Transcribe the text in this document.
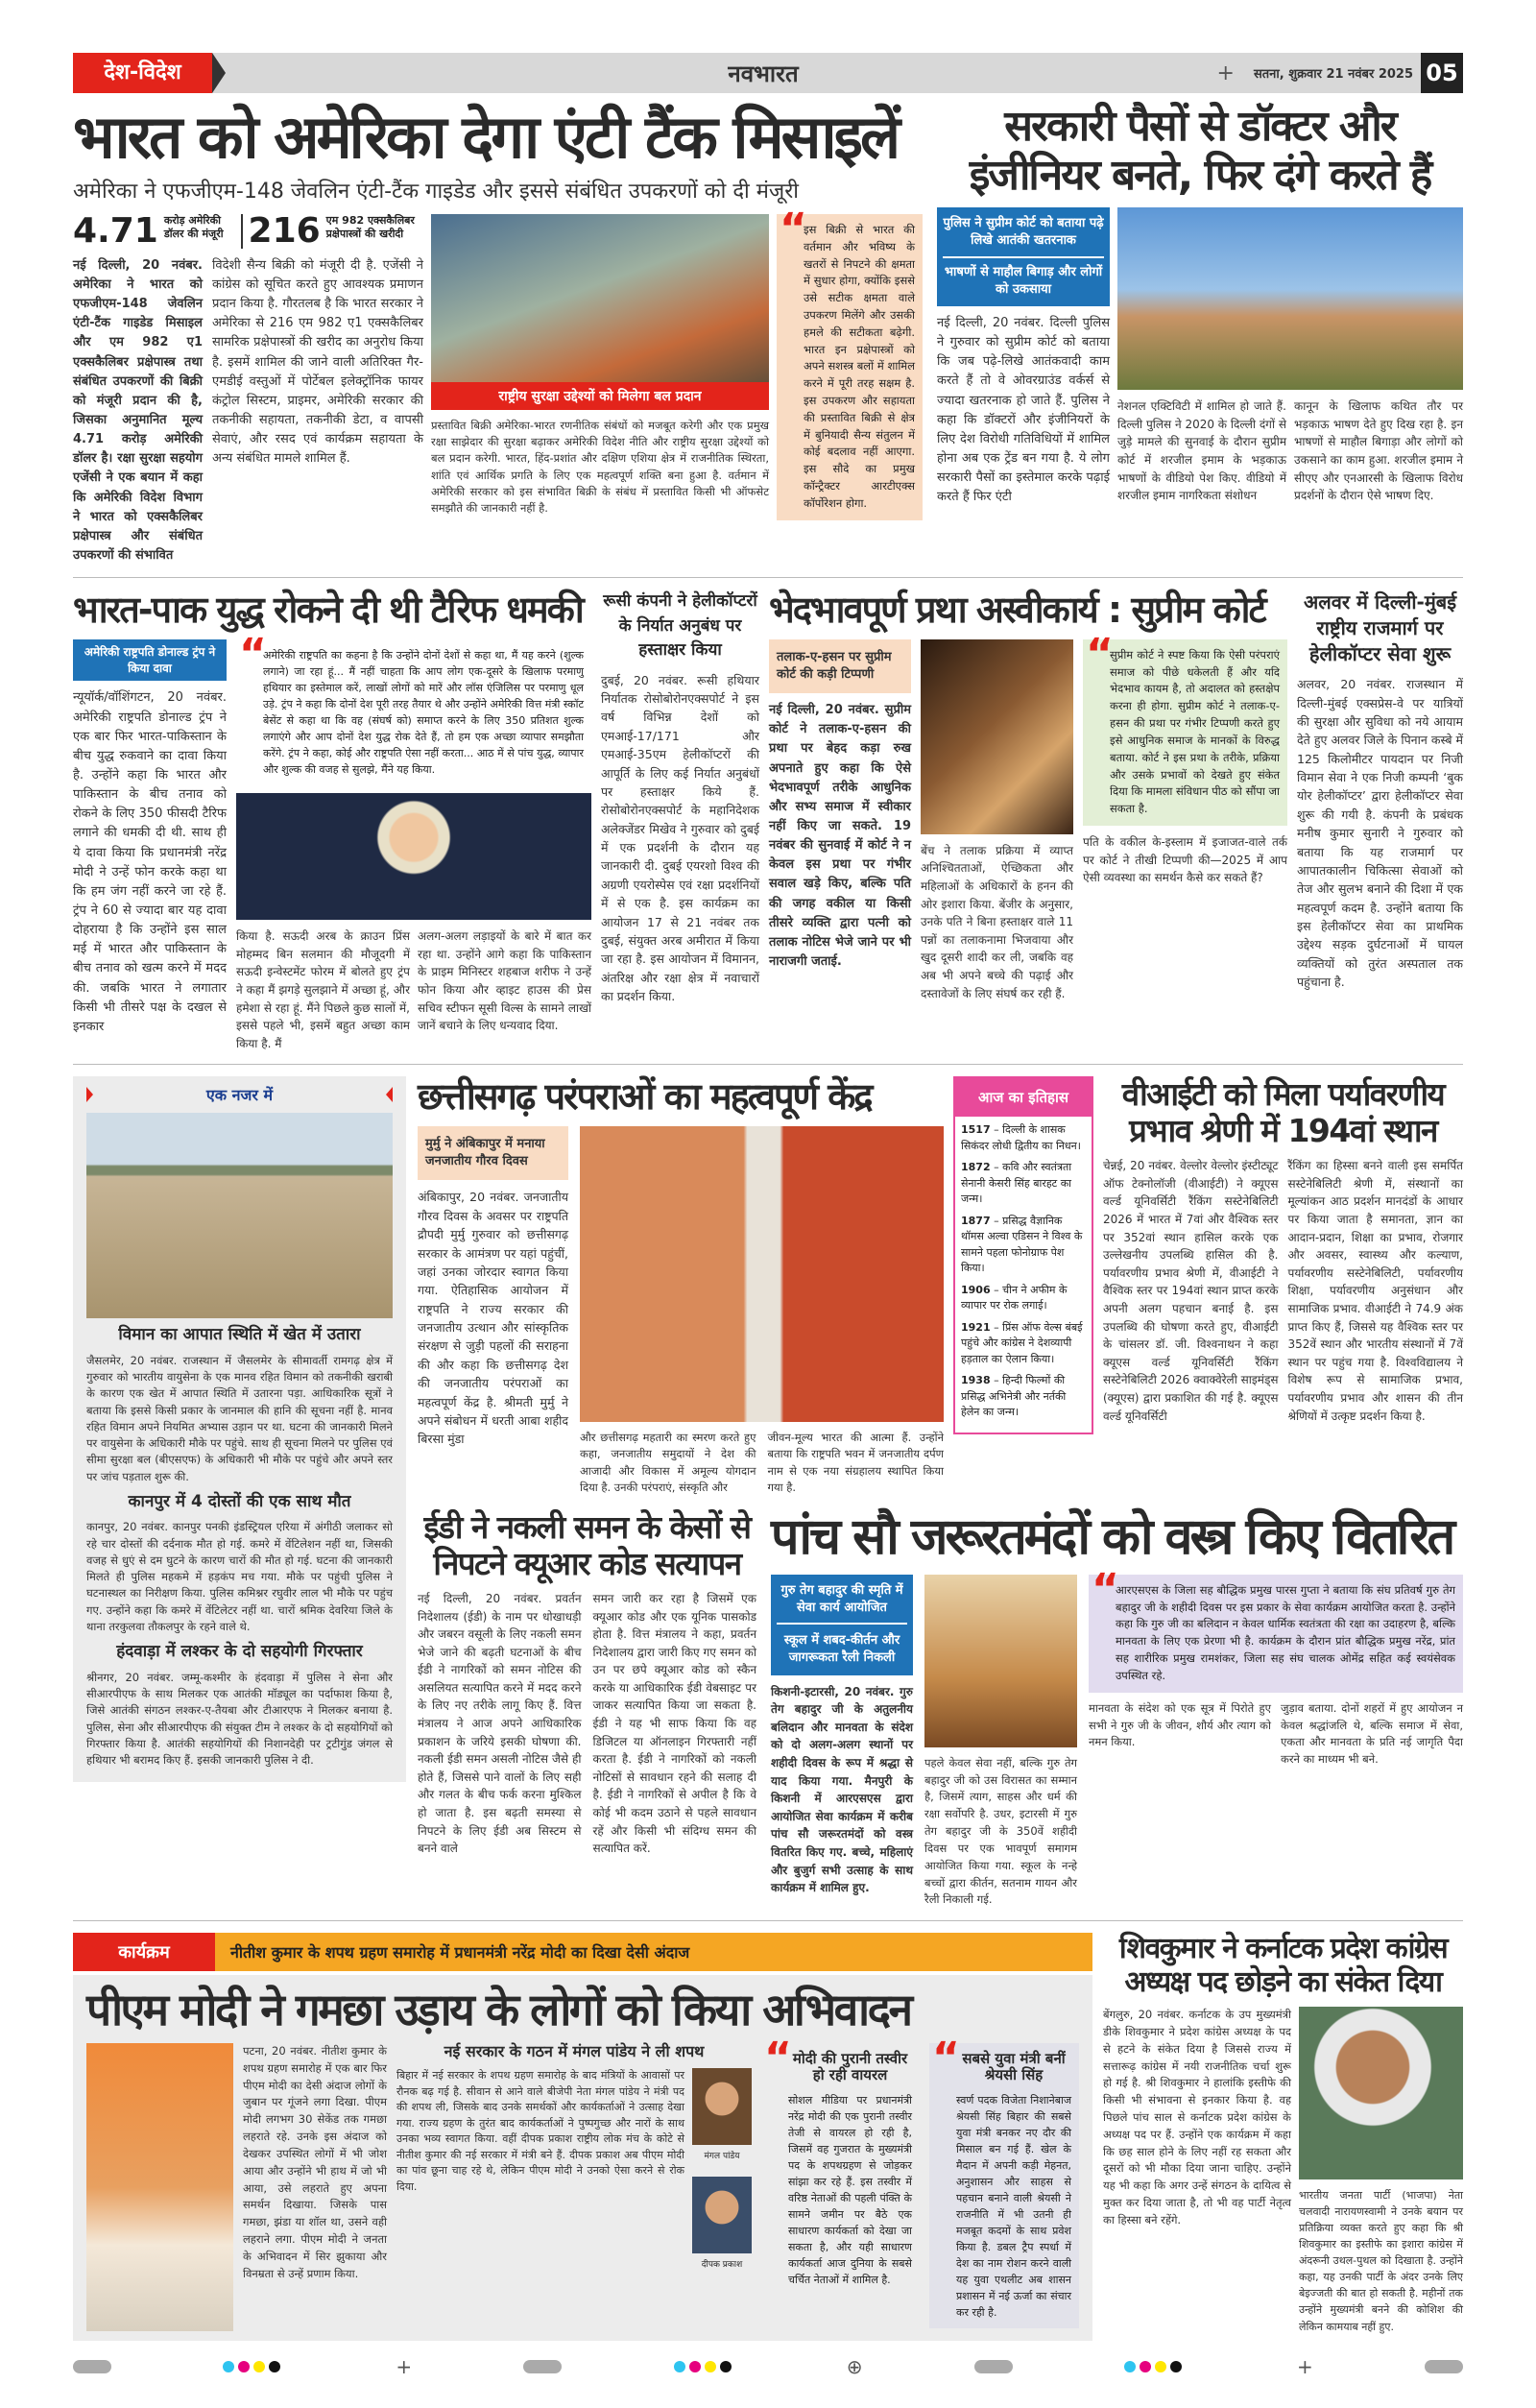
देश-विदेश	नवभारत	+ सतना, शुक्रवार 21 नवंबर 2025 05
भारत को अमेरिका देगा एंटी टैंक मिसाइलें
अमेरिका ने एफजीएम-148 जेवलिन एंटी-टैंक गाइडेड और इससे संबंधित उपकरणों को दी मंजूरी
4.71 करोड़ अमेरिकी डॉलर की मंजूरी 216 एम 982 एक्सकैलिबर प्रक्षेपास्त्रों की खरीदी
नई दिल्ली, 20 नवंबर. अमेरिका ने भारत को एफजीएम-148 जेवलिन एंटी-टैंक गाइडेड मिसाइल और एम 982 ए1 एक्सकैलिबर प्रक्षेपास्त्र तथा संबंधित उपकरणों की बिक्री को मंजूरी प्रदान की है, जिसका अनुमानित मूल्य 4.71 करोड़ अमेरिकी डॉलर है। रक्षा सुरक्षा सहयोग एजेंसी ने एक बयान में कहा कि अमेरिकी विदेश विभाग ने भारत को एक्सकैलिबर प्रक्षेपास्त्र और संबंधित उपकरणों की संभावित
विदेशी सैन्य बिक्री को मंजूरी दी है. एजेंसी ने कांग्रेस को सूचित करते हुए आवश्यक प्रमाणन प्रदान किया है. गौरतलब है कि भारत सरकार ने अमेरिका से 216 एम 982 ए1 एक्सकैलिबर सामरिक प्रक्षेपास्त्रों की खरीद का अनुरोध किया है. इसमें शामिल की जाने वाली अतिरिक्त गैर-एमडीई वस्तुओं में पोर्टेबल इलेक्ट्रॉनिक फायर कंट्रोल सिस्टम, प्राइमर, अमेरिकी सरकार की तकनीकी सहायता, तकनीकी डेटा, व वापसी सेवाएं, और रसद एवं कार्यक्रम सहायता के अन्य संबंधित मामले शामिल हैं.
राष्ट्रीय सुरक्षा उद्देश्यों को मिलेगा बल प्रदान
प्रस्तावित बिक्री अमेरिका-भारत रणनीतिक संबंधों को मजबूत करेगी और एक प्रमुख रक्षा साझेदार की सुरक्षा बढ़ाकर अमेरिकी विदेश नीति और राष्ट्रीय सुरक्षा उद्देश्यों को बल प्रदान करेगी. भारत, हिंद-प्रशांत और दक्षिण एशिया क्षेत्र में राजनीतिक स्थिरता, शांति एवं आर्थिक प्रगति के लिए एक महत्वपूर्ण शक्ति बना हुआ है. वर्तमान में अमेरिकी सरकार को इस संभावित बिक्री के संबंध में प्रस्तावित किसी भी ऑफसेट समझौते की जानकारी नहीं है.
“ इस बिक्री से भारत की वर्तमान और भविष्य के खतरों से निपटने की क्षमता में सुधार होगा, क्योंकि इससे उसे सटीक क्षमता वाले उपकरण मिलेंगे और उसकी हमले की सटीकता बढ़ेगी. भारत इन प्रक्षेपास्त्रों को अपने सशस्त्र बलों में शामिल करने में पूरी तरह सक्षम है. इस उपकरण और सहायता की प्रस्तावित बिक्री से क्षेत्र में बुनियादी सैन्य संतुलन में कोई बदलाव नहीं आएगा. इस सौदे का प्रमुख कॉन्ट्रैक्टर आरटीएक्स कॉर्पोरेशन होगा.
सरकारी पैसों से डॉक्टर और इंजीनियर बनते, फिर दंगे करते हैं
पुलिस ने सुप्रीम कोर्ट को बताया पढ़े लिखे आतंकी खतरनाक
भाषणों से माहौल बिगाड़ और लोगों को उकसाया
नई दिल्ली, 20 नवंबर. दिल्ली पुलिस ने गुरुवार को सुप्रीम कोर्ट को बताया कि जब पढ़े-लिखे आतंकवादी काम करते हैं तो वे ओवरग्राउंड वर्कर्स से ज्यादा खतरनाक हो जाते हैं. पुलिस ने कहा कि डॉक्टरों और इंजीनियरों के लिए देश विरोधी गतिविधियों में शामिल होना अब एक ट्रेंड बन गया है. ये लोग सरकारी पैसों का इस्तेमाल करके पढ़ाई करते हैं फिर एंटी
नेशनल एक्टिविटी में शामिल हो जाते हैं. दिल्ली पुलिस ने 2020 के दिल्ली दंगों से जुड़े मामले की सुनवाई के दौरान सुप्रीम कोर्ट में शरजील इमाम के भड़काऊ भाषणों के वीडियो पेश किए. वीडियो में शरजील इमाम नागरिकता संशोधन
कानून के खिलाफ कथित तौर पर भड़काऊ भाषण देते हुए दिख रहा है. इन भाषणों से माहौल बिगाड़ा और लोगों को उकसाने का काम हुआ. शरजील इमाम ने सीएए और एनआरसी के खिलाफ विरोध प्रदर्शनों के दौरान ऐसे भाषण दिए.
भारत-पाक युद्ध रोकने दी थी टैरिफ धमकी
अमेरिकी राष्ट्रपति डोनाल्ड ट्रंप ने किया दावा
न्यूयॉर्क/वॉशिंगटन, 20 नवंबर. अमेरिकी राष्ट्रपति डोनाल्ड ट्रंप ने एक बार फिर भारत-पाकिस्तान के बीच युद्ध रुकवाने का दावा किया है. उन्होंने कहा कि भारत और पाकिस्तान के बीच तनाव को रोकने के लिए 350 फीसदी टैरिफ लगाने की धमकी दी थी. साथ ही ये दावा किया कि प्रधानमंत्री नरेंद्र मोदी ने उन्हें फोन करके कहा था कि हम जंग नहीं करने जा रहे हैं. ट्रंप ने 60 से ज्यादा बार यह दावा दोहराया है कि उन्होंने इस साल मई में भारत और पाकिस्तान के बीच तनाव को खत्म करने में मदद की. जबकि भारत ने लगातार किसी भी तीसरे पक्ष के दखल से इनकार
“ अमेरिकी राष्ट्रपति का कहना है कि उन्होंने दोनों देशों से कहा था, मैं यह करने (शुल्क लगाने) जा रहा हूं... मैं नहीं चाहता कि आप लोग एक-दूसरे के खिलाफ परमाणु हथियार का इस्तेमाल करें, लाखों लोगों को मारें और लॉस एंजिलिस पर परमाणु धूल उड़े. ट्रंप ने कहा कि दोनों देश पूरी तरह तैयार थे और उन्होंने अमेरिकी वित्त मंत्री स्कॉट बेसेंट से कहा था कि वह (संघर्ष को) समाप्त करने के लिए 350 प्रतिशत शुल्क लगाएंगे और आप दोनों देश युद्ध रोक देते हैं, तो हम एक अच्छा व्यापार समझौता करेंगे. ट्रंप ने कहा, कोई और राष्ट्रपति ऐसा नहीं करता... आठ में से पांच युद्ध, व्यापार और शुल्क की वजह से सुलझे, मैंने यह किया.
किया है. सऊदी अरब के क्राउन प्रिंस मोहम्मद बिन सलमान की मौजूदगी में सऊदी इन्वेस्टमेंट फोरम में बोलते हुए ट्रंप ने कहा मैं झगड़े सुलझाने में अच्छा हूं, और हमेशा से रहा हूं. मैंने पिछले कुछ सालों में, इससे पहले भी, इसमें बहुत अच्छा काम किया है. मैं
अलग-अलग लड़ाइयों के बारे में बात कर रहा था. उन्होंने आगे कहा कि पाकिस्तान के प्राइम मिनिस्टर शहबाज शरीफ ने उन्हें फोन किया और व्हाइट हाउस की प्रेस सचिव स्टीफन सूसी विल्स के सामने लाखों जानें बचाने के लिए धन्यवाद दिया.
रूसी कंपनी ने हेलीकॉप्टरों के निर्यात अनुबंध पर हस्ताक्षर किया
दुबई, 20 नवंबर. रूसी हथियार निर्यातक रोसोबोरोनएक्सपोर्ट ने इस वर्ष विभिन्न देशों को एमआई-17/171 और एमआई-35एम हेलीकॉप्टरों की आपूर्ति के लिए कई निर्यात अनुबंधों पर हस्ताक्षर किये हैं. रोसोबोरोनएक्सपोर्ट के महानिदेशक अलेक्जेंडर मिखेव ने गुरुवार को दुबई में एक प्रदर्शनी के दौरान यह जानकारी दी. दुबई एयरशो विश्व की अग्रणी एयरोस्पेस एवं रक्षा प्रदर्शनियों में से एक है. इस कार्यक्रम का आयोजन 17 से 21 नवंबर तक दुबई, संयुक्त अरब अमीरात में किया जा रहा है. इस आयोजन में विमानन, अंतरिक्ष और रक्षा क्षेत्र में नवाचारों का प्रदर्शन किया.
भेदभावपूर्ण प्रथा अस्वीकार्य : सुप्रीम कोर्ट
तलाक-ए-हसन पर सुप्रीम कोर्ट की कड़ी टिप्पणी
नई दिल्ली, 20 नवंबर. सुप्रीम कोर्ट ने तलाक-ए-हसन की प्रथा पर बेहद कड़ा रुख अपनाते हुए कहा कि ऐसे भेदभावपूर्ण तरीके आधुनिक और सभ्य समाज में स्वीकार नहीं किए जा सकते. 19 नवंबर की सुनवाई में कोर्ट ने न केवल इस प्रथा पर गंभीर सवाल खड़े किए, बल्कि पति की जगह वकील या किसी तीसरे व्यक्ति द्वारा पत्नी को तलाक नोटिस भेजे जाने पर भी नाराजगी जताई.
बेंच ने तलाक प्रक्रिया में व्याप्त अनिश्चितताओं, ऐच्छिकता और महिलाओं के अधिकारों के हनन की ओर इशारा किया. बेंजीर के अनुसार, उनके पति ने बिना हस्ताक्षर वाले 11 पन्नों का तलाकनामा भिजवाया और खुद दूसरी शादी कर ली, जबकि वह अब भी अपने बच्चे की पढ़ाई और दस्तावेजों के लिए संघर्ष कर रही हैं.
“ सुप्रीम कोर्ट ने स्पष्ट किया कि ऐसी परंपराएं समाज को पीछे धकेलती हैं और यदि भेदभाव कायम है, तो अदालत को हस्तक्षेप करना ही होगा. सुप्रीम कोर्ट ने तलाक-ए-हसन की प्रथा पर गंभीर टिप्पणी करते हुए इसे आधुनिक समाज के मानकों के विरुद्ध बताया. कोर्ट ने इस प्रथा के तरीके, प्रक्रिया और उसके प्रभावों को देखते हुए संकेत दिया कि मामला संविधान पीठ को सौंपा जा सकता है.
पति के वकील के-इस्लाम में इजाजत-वाले तर्क पर कोर्ट ने तीखी टिप्पणी की—2025 में आप ऐसी व्यवस्था का समर्थन कैसे कर सकते हैं?
अलवर में दिल्ली-मुंबई राष्ट्रीय राजमार्ग पर हेलीकॉप्टर सेवा शुरू
अलवर, 20 नवंबर. राजस्थान में दिल्ली-मुंबई एक्सप्रेस-वे पर यात्रियों की सुरक्षा और सुविधा को नये आयाम देते हुए अलवर जिले के पिनान कस्बे में 125 किलोमीटर पायदान पर निजी विमान सेवा ने एक निजी कम्पनी ‘बुक योर हेलीकॉप्टर’ द्वारा हेलीकॉप्टर सेवा शुरू की गयी है. कंपनी के प्रबंधक मनीष कुमार सुनारी ने गुरुवार को बताया कि यह राजमार्ग पर आपातकालीन चिकित्सा सेवाओं को तेज और सुलभ बनाने की दिशा में एक महत्वपूर्ण कदम है. उन्होंने बताया कि इस हेलीकॉप्टर सेवा का प्राथमिक उद्देश्य सड़क दुर्घटनाओं में घायल व्यक्तियों को तुरंत अस्पताल तक पहुंचाना है.
एक नजर में
विमान का आपात स्थिति में खेत में उतारा
जैसलमेर, 20 नवंबर. राजस्थान में जैसलमेर के सीमावर्ती रामगढ़ क्षेत्र में गुरुवार को भारतीय वायुसेना के एक मानव रहित विमान को तकनीकी खराबी के कारण एक खेत में आपात स्थिति में उतारना पड़ा. आधिकारिक सूत्रों ने बताया कि इससे किसी प्रकार के जानमाल की हानि की सूचना नहीं है. मानव रहित विमान अपने नियमित अभ्यास उड़ान पर था. घटना की जानकारी मिलने पर वायुसेना के अधिकारी मौके पर पहुंचे. साथ ही सूचना मिलने पर पुलिस एवं सीमा सुरक्षा बल (बीएसएफ) के अधिकारी भी मौके पर पहुंचे और अपने स्तर पर जांच पड़ताल शुरू की.
कानपुर में 4 दोस्तों की एक साथ मौत
कानपुर, 20 नवंबर. कानपुर पनकी इंडस्ट्रियल एरिया में अंगीठी जलाकर सो रहे चार दोस्तों की दर्दनाक मौत हो गई. कमरे में वेंटिलेशन नहीं था, जिसकी वजह से धुएं से दम घुटने के कारण चारों की मौत हो गई. घटना की जानकारी मिलते ही पुलिस महकमे में हड़कंप मच गया. मौके पर पहुंची पुलिस ने घटनास्थल का निरीक्षण किया. पुलिस कमिश्नर रघुवीर लाल भी मौके पर पहुंच गए. उन्होंने कहा कि कमरे में वेंटिलेटर नहीं था. चारों श्रमिक देवरिया जिले के थाना तरकुलवा तौकलपुर के रहने वाले थे.
हंदवाड़ा में लश्कर के दो सहयोगी गिरफ्तार
श्रीनगर, 20 नवंबर. जम्मू-कश्मीर के हंदवाड़ा में पुलिस ने सेना और सीआरपीएफ के साथ मिलकर एक आतंकी मॉड्यूल का पर्दाफाश किया है, जिसे आतंकी संगठन लश्कर-ए-तैयबा और टीआरएफ ने मिलकर बनाया है. पुलिस, सेना और सीआरपीएफ की संयुक्त टीम ने लश्कर के दो सहयोगियों को गिरफ्तार किया है. आतंकी सहयोगियों की निशानदेही पर ट्रटीगुंड जंगल से हथियार भी बरामद किए हैं. इसकी जानकारी पुलिस ने दी.
छत्तीसगढ़ परंपराओं का महत्वपूर्ण केंद्र
मुर्मु ने अंबिकापुर में मनाया जनजातीय गौरव दिवस
अंबिकापुर, 20 नवंबर. जनजातीय गौरव दिवस के अवसर पर राष्ट्रपति द्रौपदी मुर्मु गुरुवार को छत्तीसगढ़ सरकार के आमंत्रण पर यहां पहुंचीं, जहां उनका जोरदार स्वागत किया गया. ऐतिहासिक आयोजन में राष्ट्रपति ने राज्य सरकार की जनजातीय उत्थान और सांस्कृतिक संरक्षण से जुड़ी पहलों की सराहना की और कहा कि छत्तीसगढ़ देश की जनजातीय परंपराओं का महत्वपूर्ण केंद्र है. श्रीमती मुर्मु ने अपने संबोधन में धरती आबा शहीद बिरसा मुंडा	और छत्तीसगढ़ महतारी का स्मरण करते हुए कहा, जनजातीय समुदायों ने देश की आजादी और विकास में अमूल्य योगदान दिया है. उनकी परंपराएं, संस्कृति और
जीवन-मूल्य भारत की आत्मा हैं. उन्होंने बताया कि राष्ट्रपति भवन में जनजातीय दर्पण नाम से एक नया संग्रहालय स्थापित किया गया है.
आज का इतिहास
1517 – दिल्ली के शासक सिकंदर लोधी द्वितीय का निधन।
1872 – कवि और स्वतंत्रता सेनानी केसरी सिंह बारहट का जन्म।
1877 – प्रसिद्ध वैज्ञानिक थॉमस अल्वा एडिसन ने विश्व के सामने पहला फोनोग्राफ पेश किया।
1906 – चीन ने अफीम के व्यापार पर रोक लगाई।
1921 – प्रिंस ऑफ वेल्स बंबई पहुंचे और कांग्रेस ने देशव्यापी हड़ताल का ऐलान किया।
1938 – हिन्दी फिल्मों की प्रसिद्ध अभिनेत्री और नर्तकी हेलेन का जन्म।
वीआईटी को मिला पर्यावरणीय प्रभाव श्रेणी में 194वां स्थान
चेन्नई, 20 नवंबर. वेल्लोर वेल्लोर इंस्टीट्यूट ऑफ टेक्नोलॉजी (वीआईटी) ने क्यूएस वर्ल्ड यूनिवर्सिटी रैंकिंग सस्टेनेबिलिटी 2026 में भारत में 7वां और वैश्विक स्तर पर 352वां स्थान हासिल करके एक उल्लेखनीय उपलब्धि हासिल की है. पर्यावरणीय प्रभाव श्रेणी में, वीआईटी ने वैश्विक स्तर पर 194वां स्थान प्राप्त करके अपनी अलग पहचान बनाई है. इस उपलब्धि की घोषणा करते हुए, वीआईटी के चांसलर डॉ. जी. विश्वनाथन ने कहा क्यूएस वर्ल्ड यूनिवर्सिटी रैंकिंग सस्टेनेबिलिटी 2026 क्वाक्वेरेली साइमंड्स (क्यूएस) द्वारा प्रकाशित की गई है. क्यूएस वर्ल्ड यूनिवर्सिटी
रैंकिंग का हिस्सा बनने वाली इस समर्पित सस्टेनेबिलिटी श्रेणी में, संस्थानों का मूल्यांकन आठ प्रदर्शन मानदंडों के आधार पर किया जाता है समानता, ज्ञान का आदान-प्रदान, शिक्षा का प्रभाव, रोजगार और अवसर, स्वास्थ्य और कल्याण, पर्यावरणीय सस्टेनेबिलिटी, पर्यावरणीय शिक्षा, पर्यावरणीय अनुसंधान और सामाजिक प्रभाव. वीआईटी ने 74.9 अंक प्राप्त किए हैं, जिससे यह वैश्विक स्तर पर 352वें स्थान और भारतीय संस्थानों में 7वें स्थान पर पहुंच गया है. विश्वविद्यालय ने विशेष रूप से सामाजिक प्रभाव, पर्यावरणीय प्रभाव और शासन की तीन श्रेणियों में उत्कृष्ट प्रदर्शन किया है.
ईडी ने नकली समन के केसों से निपटने क्यूआर कोड सत्यापन
नई दिल्ली, 20 नवंबर. प्रवर्तन निदेशालय (ईडी) के नाम पर धोखाधड़ी और जबरन वसूली के लिए नकली समन भेजे जाने की बढ़ती घटनाओं के बीच ईडी ने नागरिकों को समन नोटिस की असलियत सत्यापित करने में मदद करने के लिए नए तरीके लागू किए हैं. वित्त मंत्रालय ने आज अपने आधिकारिक प्रकाशन के जरिये इसकी घोषणा की. नकली ईडी समन असली नोटिस जैसे ही होते हैं, जिससे पाने वालों के लिए सही और गलत के बीच फर्क करना मुश्किल हो जाता है. इस बढ़ती समस्या से निपटने के लिए ईडी अब सिस्टम से बनने वाले
समन जारी कर रहा है जिसमें एक क्यूआर कोड और एक यूनिक पासकोड होता है. वित्त मंत्रालय ने कहा, प्रवर्तन निदेशालय द्वारा जारी किए गए समन को उन पर छपे क्यूआर कोड को स्कैन करके या आधिकारिक ईडी वेबसाइट पर जाकर सत्यापित किया जा सकता है. ईडी ने यह भी साफ किया कि वह डिजिटल या ऑनलाइन गिरफ्तारी नहीं करता है. ईडी ने नागरिकों को नकली नोटिसों से सावधान रहने की सलाह दी है. ईडी ने नागरिकों से अपील है कि वे कोई भी कदम उठाने से पहले सावधान रहें और किसी भी संदिग्ध समन की सत्यापित करें.
पांच सौ जरूरतमंदों को वस्त्र किए वितरित
गुरु तेग बहादुर की स्मृति में सेवा कार्य आयोजित
स्कूल में शबद-कीर्तन और जागरूकता रैली निकली
किशनी-इटारसी, 20 नवंबर. गुरु तेग बहादुर जी के अतुलनीय बलिदान और मानवता के संदेश को दो अलग-अलग स्थानों पर शहीदी दिवस के रूप में श्रद्धा से याद किया गया. मैनपुरी के किशनी में आरएसएस द्वारा आयोजित सेवा कार्यक्रम में करीब पांच सौ जरूरतमंदों को वस्त्र वितरित किए गए. बच्चे, महिलाएं और बुजुर्ग सभी उत्साह के साथ कार्यक्रम में शामिल हुए.
पहले केवल सेवा नहीं, बल्कि गुरु तेग बहादुर जी को उस विरासत का सम्मान है, जिसमें त्याग, साहस और धर्म की रक्षा सर्वोपरि है. उधर, इटारसी में गुरु तेग बहादुर जी के 350वें शहीदी दिवस पर एक भावपूर्ण समागम आयोजित किया गया. स्कूल के नन्हे बच्चों द्वारा कीर्तन, सतनाम गायन और रैली निकाली गई.
“ आरएसएस के जिला सह बौद्धिक प्रमुख पारस गुप्ता ने बताया कि संघ प्रतिवर्ष गुरु तेग बहादुर जी के शहीदी दिवस पर इस प्रकार के सेवा कार्यक्रम आयोजित करता है. उन्होंने कहा कि गुरु जी का बलिदान न केवल धार्मिक स्वतंत्रता की रक्षा का उदाहरण है, बल्कि मानवता के लिए एक प्रेरणा भी है. कार्यक्रम के दौरान प्रांत बौद्धिक प्रमुख नरेंद्र, प्रांत सह शारीरिक प्रमुख रामशंकर, जिला सह संघ चालक ओमेंद्र सहित कई स्वयंसेवक उपस्थित रहे.
मानवता के संदेश को एक सूत्र में पिरोते हुए सभी ने गुरु जी के जीवन, शौर्य और त्याग को नमन किया.
जुड़ाव बताया. दोनों शहरों में हुए आयोजन न केवल श्रद्धांजलि थे, बल्कि समाज में सेवा, एकता और मानवता के प्रति नई जागृति पैदा करने का माध्यम भी बने.
कार्यक्रम	नीतीश कुमार के शपथ ग्रहण समारोह में प्रधानमंत्री नरेंद्र मोदी का दिखा देसी अंदाज
पीएम मोदी ने गमछा उड़ाय के लोगों को किया अभिवादन
पटना, 20 नवंबर. नीतीश कुमार के शपथ ग्रहण समारोह में एक बार फिर पीएम मोदी का देसी अंदाज लोगों के जुबान पर गूंजने लगा दिखा. पीएम मोदी लगभग 30 सेकेंड तक गमछा लहराते रहे. उनके इस अंदाज को देखकर उपस्थित लोगों में भी जोश आया और उन्होंने भी हाथ में जो भी आया, उसे लहराते हुए अपना समर्थन दिखाया. जिसके पास गमछा, झंडा या शॉल था, उसने वही लहराने लगा. पीएम मोदी ने जनता के अभिवादन में सिर झुकाया और विनम्रता से उन्हें प्रणाम किया.
नई सरकार के गठन में मंगल पांडेय ने ली शपथ
बिहार में नई सरकार के शपथ ग्रहण समारोह के बाद मंत्रियों के आवासों पर रौनक बढ़ गई है. सीवान से आने वाले बीजेपी नेता मंगल पांडेय ने मंत्री पद की शपथ ली, जिसके बाद उनके समर्थकों और कार्यकर्ताओं ने उत्साह देखा गया. राज्य ग्रहण के तुरंत बाद कार्यकर्ताओं ने पुष्पगुच्छ और नारों के साथ उनका भव्य स्वागत किया. वहीं दीपक प्रकाश राष्ट्रीय लोक मंच के कोटे से नीतीश कुमार की नई सरकार में मंत्री बने हैं. दीपक प्रकाश अब पीएम मोदी का पांव छूना चाह रहे थे, लेकिन पीएम मोदी ने उनको ऐसा करने से रोक दिया.
मंगल पांडेय
दीपक प्रकाश
“ मोदी की पुरानी तस्वीर हो रही वायरल
सोशल मीडिया पर प्रधानमंत्री नरेंद्र मोदी की एक पुरानी तस्वीर तेजी से वायरल हो रही है, जिसमें वह गुजरात के मुख्यमंत्री पद के शपथग्रहण से जोड़कर सांझा कर रहे हैं. इस तस्वीर में वरिष्ठ नेताओं की पहली पंक्ति के सामने जमीन पर बैठे एक साधारण कार्यकर्ता को देखा जा सकता है, और यही साधारण कार्यकर्ता आज दुनिया के सबसे चर्चित नेताओं में शामिल है.
“ सबसे युवा मंत्री बनीं श्रेयसी सिंह
स्वर्ण पदक विजेता निशानेबाज श्रेयसी सिंह बिहार की सबसे युवा मंत्री बनकर नए दौर की मिसाल बन गई हैं. खेल के मैदान में अपनी कड़ी मेहनत, अनुशासन और साहस से पहचान बनाने वाली श्रेयसी ने राजनीति में भी उतनी ही मजबूत कदमों के साथ प्रवेश किया है. डबल ट्रैप स्पर्धा में देश का नाम रोशन करने वाली यह युवा एथलीट अब शासन प्रशासन में नई ऊर्जा का संचार कर रही है.
शिवकुमार ने कर्नाटक प्रदेश कांग्रेस अध्यक्ष पद छोड़ने का संकेत दिया
बेंगलुरु, 20 नवंबर. कर्नाटक के उप मुख्यमंत्री डीके शिवकुमार ने प्रदेश कांग्रेस अध्यक्ष के पद से हटने के संकेत दिया है जिससे राज्य में सत्तारूढ़ कांग्रेस में नयी राजनीतिक चर्चा शुरू हो गई है. श्री शिवकुमार ने हालांकि इस्तीफे की किसी भी संभावना से इनकार किया है. वह पिछले पांच साल से कर्नाटक प्रदेश कांग्रेस के अध्यक्ष पद पर हैं. उन्होंने एक कार्यक्रम में कहा कि छह साल होने के लिए नहीं रह सकता और दूसरों को भी मौका दिया जाना चाहिए. उन्होंने यह भी कहा कि अगर उन्हें संगठन के दायित्व से मुक्त कर दिया जाता है, तो भी वह पार्टी नेतृत्व का हिस्सा बने रहेंगे.
भारतीय जनता पार्टी (भाजपा) नेता चलवादी नारायणस्वामी ने उनके बयान पर प्रतिक्रिया व्यक्त करते हुए कहा कि श्री शिवकुमार का इस्तीफे का इशारा कांग्रेस में अंदरूनी उथल-पुथल को दिखाता है. उन्होंने कहा, यह उनकी पार्टी के अंदर उनके लिए बेइज्जती की बात हो सकती है. महीनों तक उन्होंने मुख्यमंत्री बनने की कोशिश की लेकिन कामयाब नहीं हुए.
+	⊕	+
